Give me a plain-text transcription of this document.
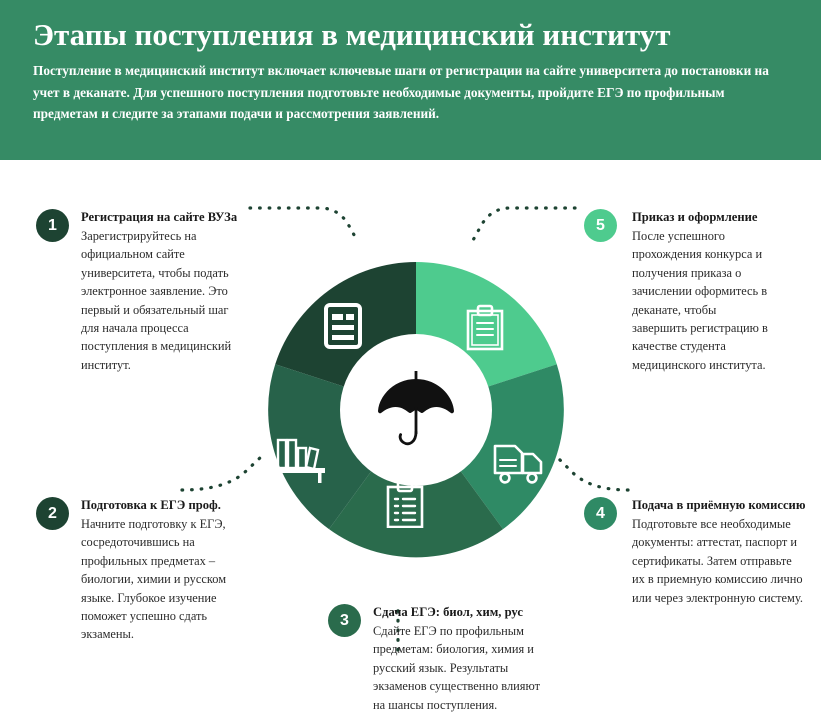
Этапы поступления в медицинский институт
Поступление в медицинский институт включает ключевые шаги от регистрации на сайте университета до постановки на учет в деканате. Для успешного поступления подготовьте необходимые документы, пройдите ЕГЭ по профильным предметам и следите за этапами подачи и рассмотрения заявлений.
1	Регистрация на сайте ВУЗа

Зарегистрируйтесь на официальном сайте университета, чтобы подать электронное заявление. Это первый и обязательный шаг для начала процесса поступления в медицинский институт.

2	Подготовка к ЕГЭ проф.

Начните подготовку к ЕГЭ, сосредоточившись на профильных предметах – биологии, химии и русском языке. Глубокое изучение поможет успешно сдать экзамены.

3	Сдача ЕГЭ: биол, хим, рус

Сдайте ЕГЭ по профильным предметам: биология, химия и русский язык. Результаты экзаменов существенно влияют на шансы поступления.

4	Подача в приёмную комиссию

Подготовьте все необходимые документы: аттестат, паспорт и сертификаты. Затем отправьте их в приемную комиссию лично или через электронную систему.

5	Приказ и оформление

После успешного прохождения конкурса и получения приказа о зачислении оформитесь в деканате, чтобы завершить регистрацию в качестве студента медицинского института.
